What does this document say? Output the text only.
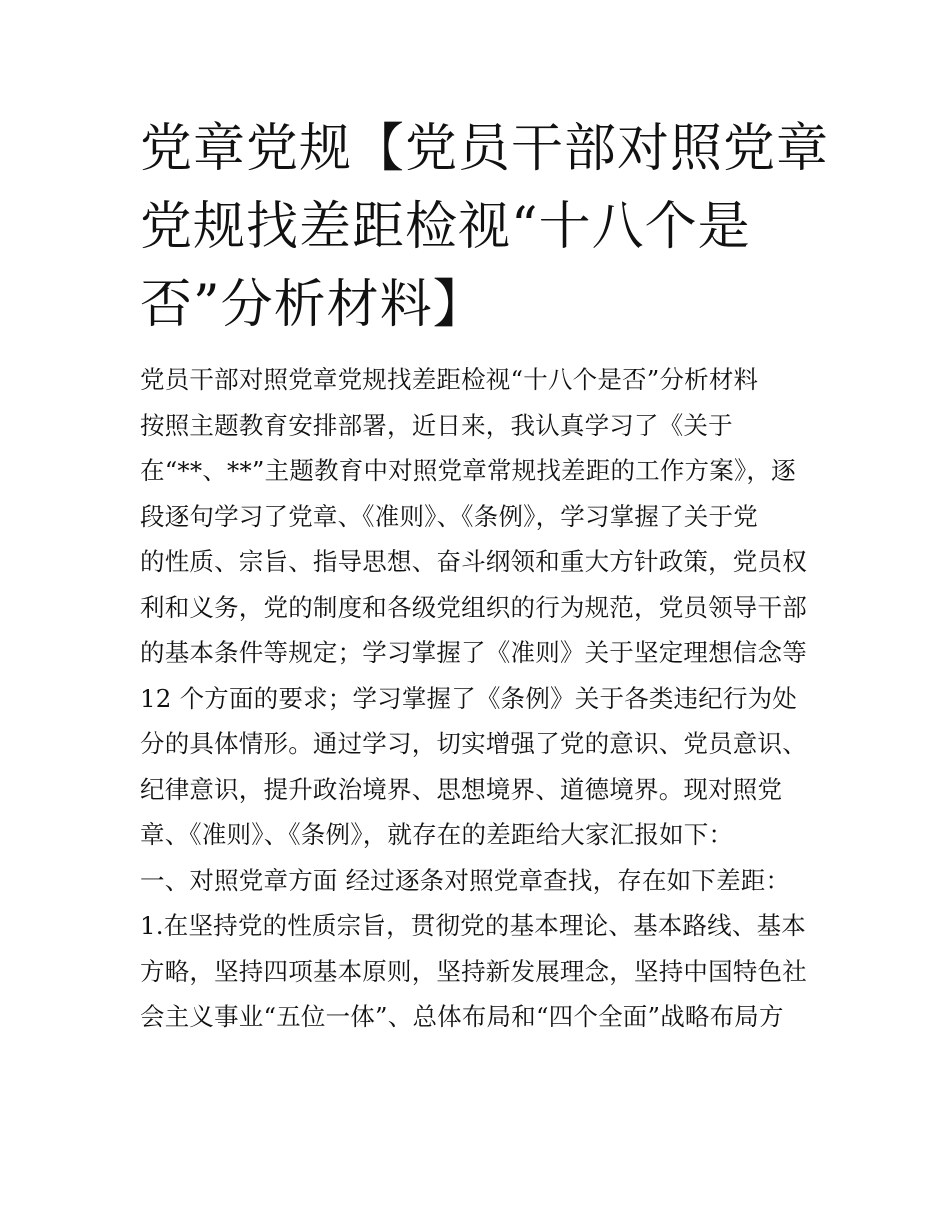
党章党规【党员干部对照党章
党规找差距检视“十八个是
否”分析材料】
党员干部对照党章党规找差距检视“十八个是否”分析材料
按照主题教育安排部署，近日来，我认真学习了《关于
在“**、**”主题教育中对照党章常规找差距的工作方案》，逐
段逐句学习了党章、《准则》、《条例》，学习掌握了关于党
的性质、宗旨、指导思想、奋斗纲领和重大方针政策，党员权
利和义务，党的制度和各级党组织的行为规范，党员领导干部
的基本条件等规定；学习掌握了《准则》关于坚定理想信念等
12 个方面的要求；学习掌握了《条例》关于各类违纪行为处
分的具体情形。通过学习，切实增强了党的意识、党员意识、
纪律意识，提升政治境界、思想境界、道德境界。现对照党
章、《准则》、《条例》，就存在的差距给大家汇报如下：
一、对照党章方面 经过逐条对照党章查找，存在如下差距：
1.在坚持党的性质宗旨，贯彻党的基本理论、基本路线、基本
方略，坚持四项基本原则，坚持新发展理念，坚持中国特色社
会主义事业“五位一体”、总体布局和“四个全面”战略布局方
